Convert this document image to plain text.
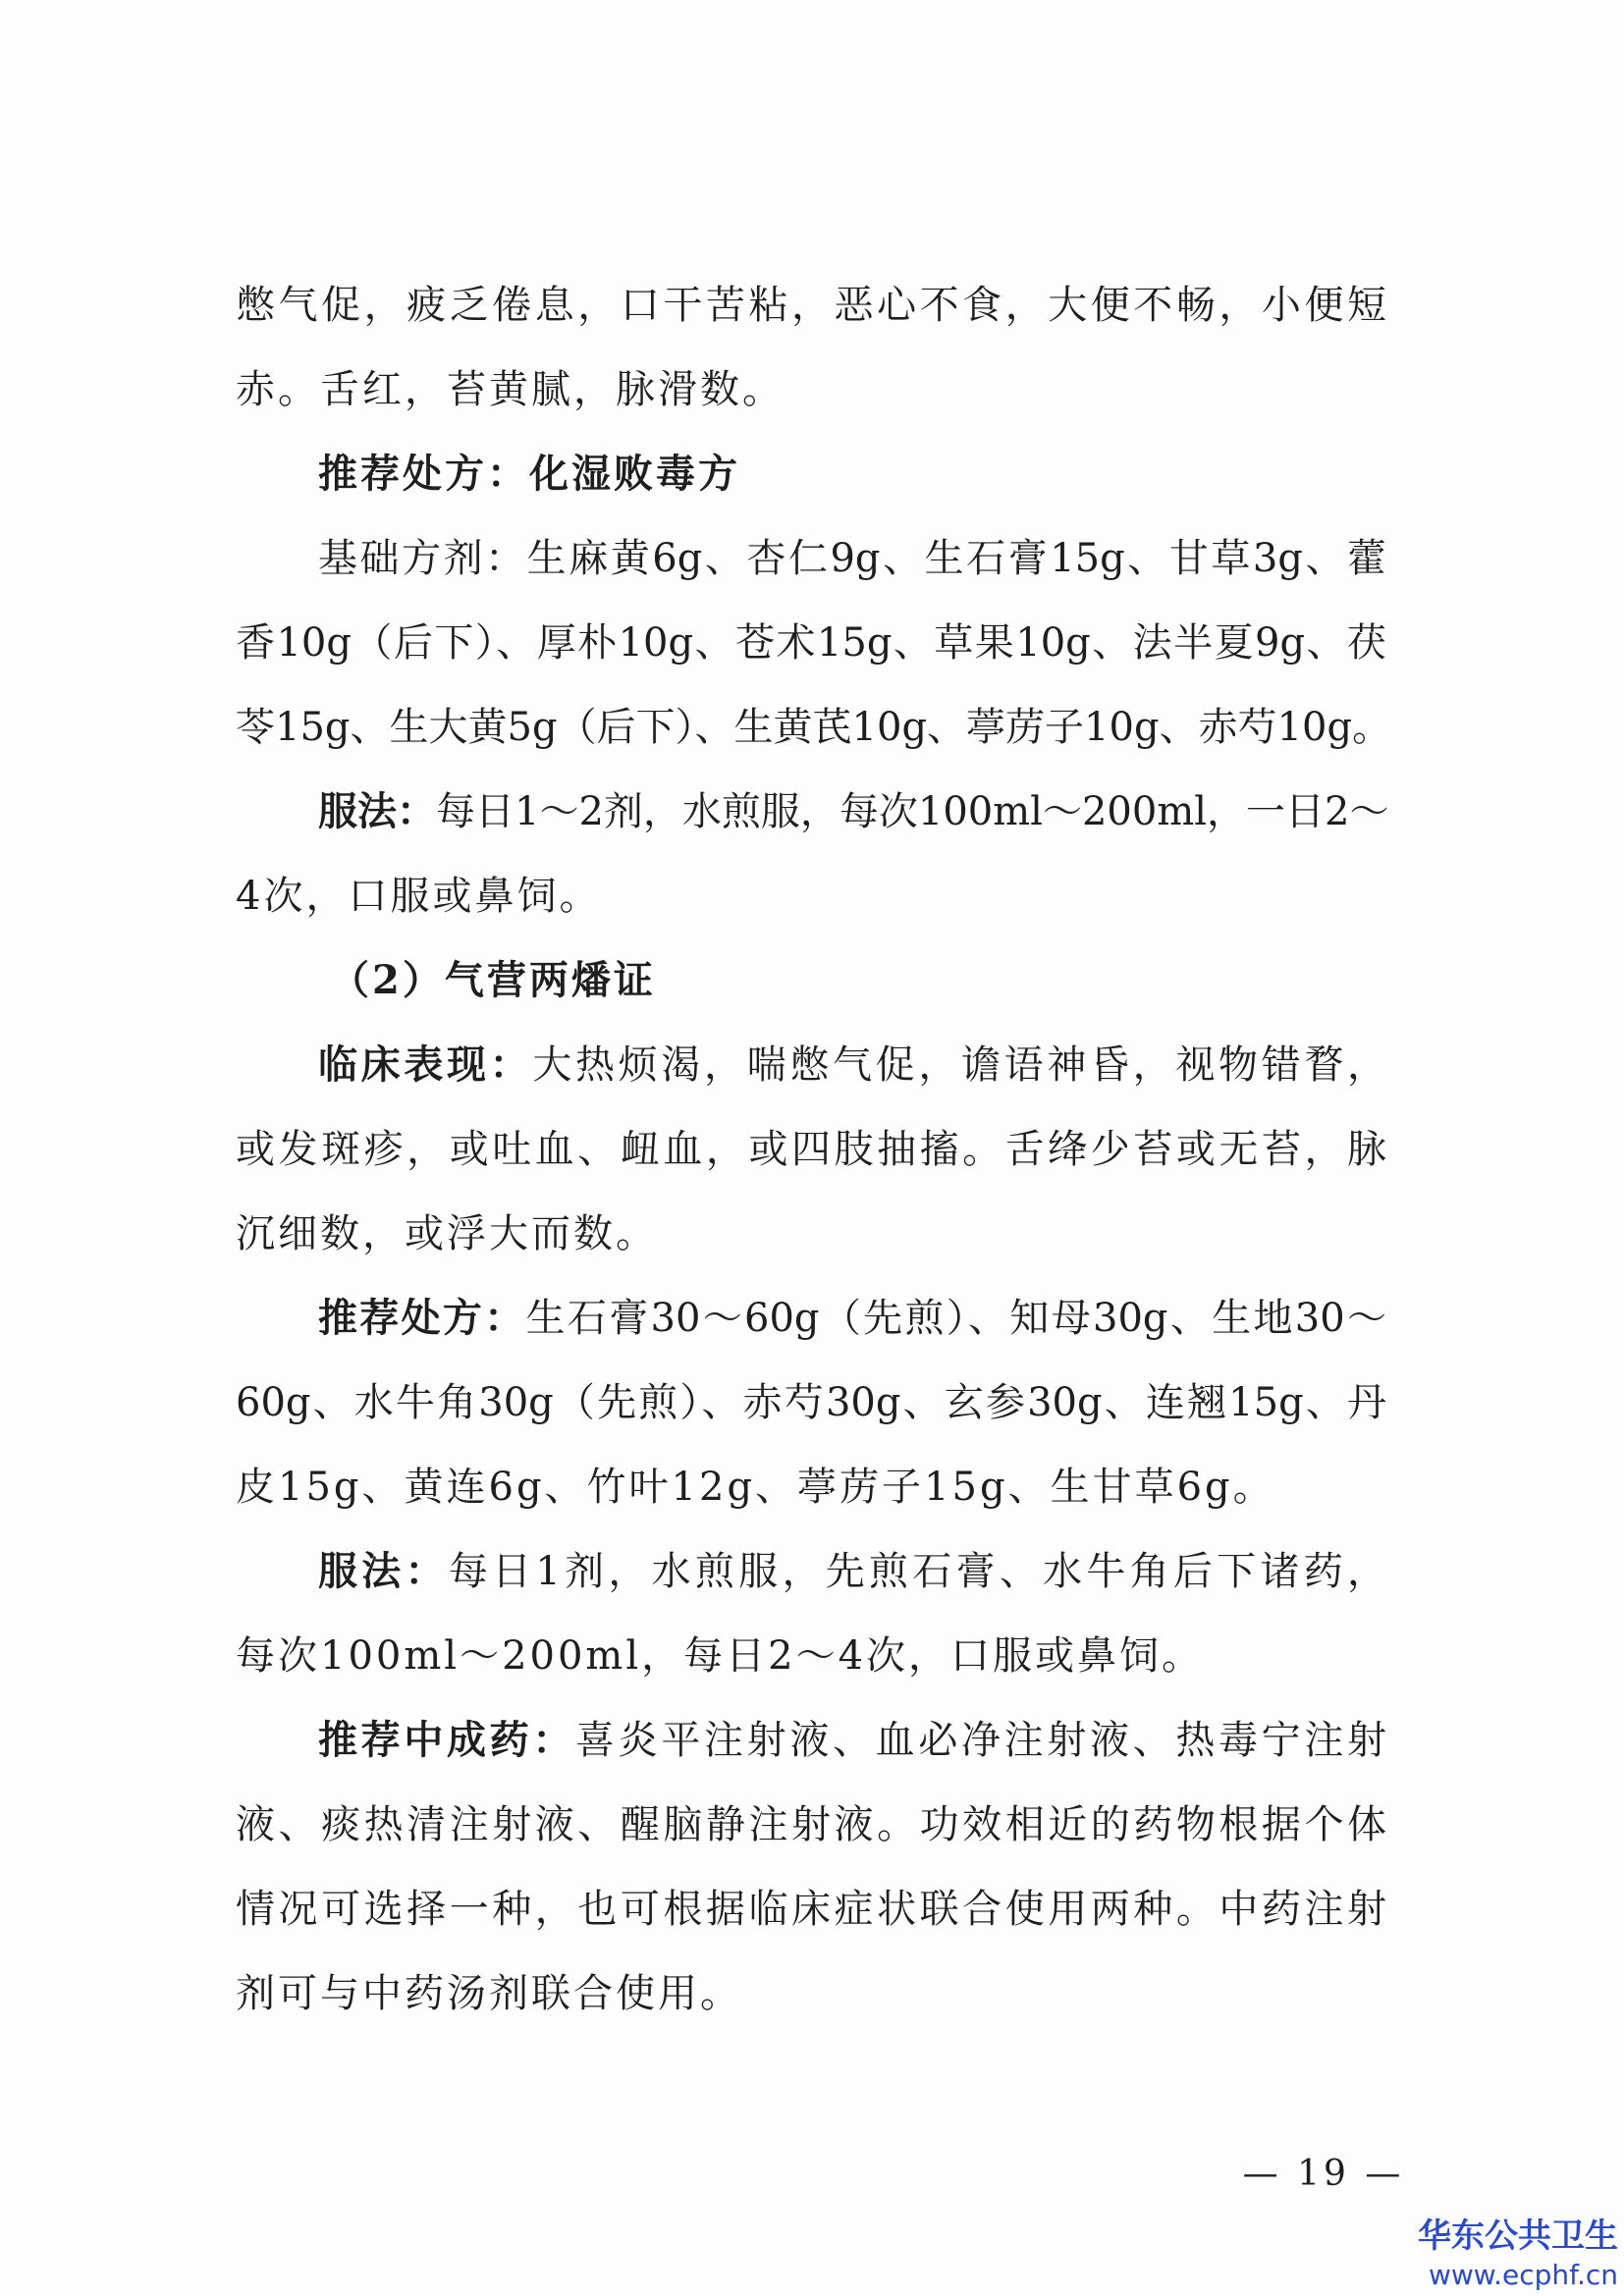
憋气促，疲乏倦息，口干苦粘，恶心不食，大便不畅，小便短
赤。舌红，苔黄腻，脉滑数。
推荐处方：化湿败毒方
基础方剂：生麻黄6g、杏仁9g、生石膏15g、甘草3g、藿
香10g（后下）、厚朴10g、苍术15g、草果10g、法半夏9g、茯
苓15g、生大黄5g（后下）、生黄芪10g、葶苈子10g、赤芍10g。
服法：每日1～2剂，水煎服，每次100ml～200ml，一日2～
4次，口服或鼻饲。
（2）气营两燔证
临床表现：大热烦渴，喘憋气促，谵语神昏，视物错瞀，
或发斑疹，或吐血、衄血，或四肢抽搐。舌绛少苔或无苔，脉
沉细数，或浮大而数。
推荐处方：生石膏30～60g（先煎）、知母30g、生地30～
60g、水牛角30g（先煎）、赤芍30g、玄参30g、连翘15g、丹
皮15g、黄连6g、竹叶12g、葶苈子15g、生甘草6g。
服法：每日1剂，水煎服，先煎石膏、水牛角后下诸药，
每次100ml～200ml，每日2～4次，口服或鼻饲。
推荐中成药：喜炎平注射液、血必净注射液、热毒宁注射
液、痰热清注射液、醒脑静注射液。功效相近的药物根据个体
情况可选择一种，也可根据临床症状联合使用两种。中药注射
剂可与中药汤剂联合使用。
— 19 —
华东公共卫生
www.ecphf.cn
